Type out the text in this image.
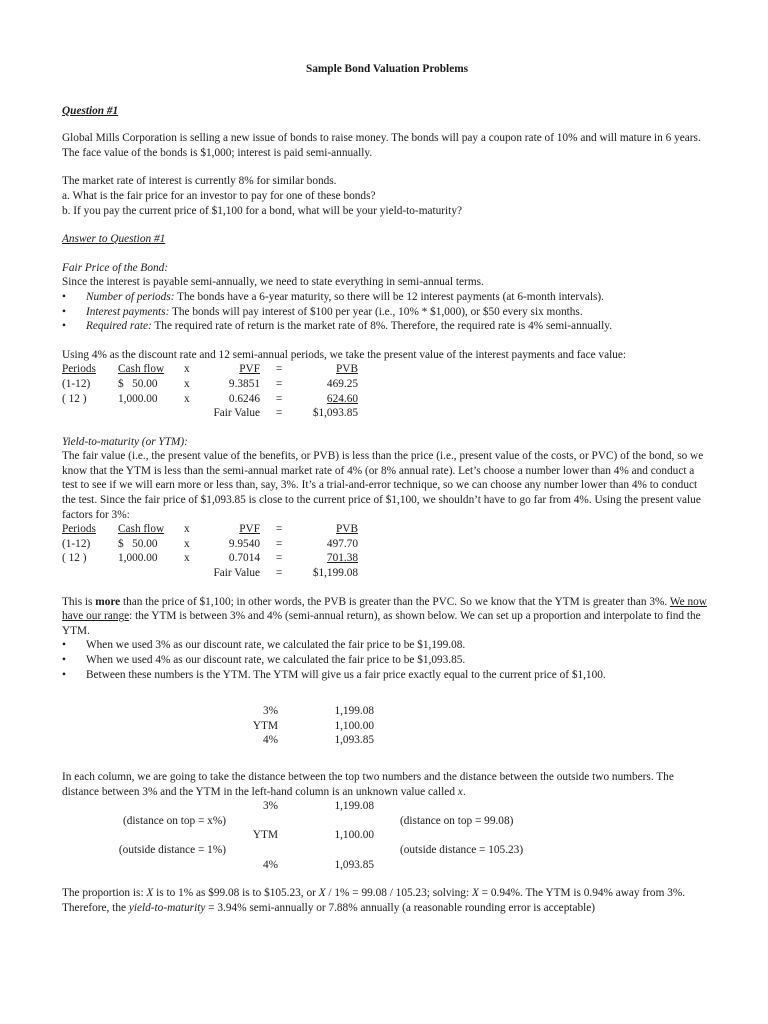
Sample Bond Valuation Problems

Question #1

Global Mills Corporation is selling a new issue of bonds to raise money. The bonds will pay a coupon rate of 10% and will mature in 6 years. The face value of the bonds is $1,000; interest is paid semi-annually.

The market rate of interest is currently 8% for similar bonds.

a. What is the fair price for an investor to pay for one of these bonds?

b. If you pay the current price of $1,100 for a bond, what will be your yield-to-maturity?

Answer to Question #1

Fair Price of the Bond:

Since the interest is payable semi-annually, we need to state everything in semi-annual terms.

• Number of periods: The bonds have a 6-year maturity, so there will be 12 interest payments (at 6-month intervals).
• Interest payments: The bonds will pay interest of $100 per year (i.e., 10% * $1,000), or $50 every six months.
• Required rate: The required rate of return is the market rate of 8%. Therefore, the required rate is 4% semi-annually.

Using 4% as the discount rate and 12 semi-annual periods, we take the present value of the interest payments and face value:

Periods	Cash flow	x	PVF	=	PVB
(1-12)	$   50.00	x	9.3851	=	469.25
( 12 )	1,000.00	x	0.6246	=	624.60
		Fair Value		=	$1,093.85

Yield-to-maturity (or YTM):

The fair value (i.e., the present value of the benefits, or PVB) is less than the price (i.e., present value of the costs, or PVC) of the bond, so we know that the YTM is less than the semi-annual market rate of 4% (or 8% annual rate). Let’s choose a number lower than 4% and conduct a test to see if we will earn more or less than, say, 3%. It’s a trial-and-error technique, so we can choose any number lower than 4% to conduct the test. Since the fair price of $1,093.85 is close to the current price of $1,100, we shouldn’t have to go far from 4%. Using the present value factors for 3%:

Periods	Cash flow	x	PVF	=	PVB
(1-12)	$   50.00	x	9.9540	=	497.70
( 12 )	1,000.00	x	0.7014	=	701.38
		Fair Value		=	$1,199.08

This is more than the price of $1,100; in other words, the PVB is greater than the PVC. So we know that the YTM is greater than 3%. We now have our range: the YTM is between 3% and 4% (semi-annual return), as shown below. We can set up a proportion and interpolate to find the YTM.

• When we used 3% as our discount rate, we calculated the fair price to be $1,199.08.
• When we used 4% as our discount rate, we calculated the fair price to be $1,093.85.
• Between these numbers is the YTM. The YTM will give us a fair price exactly equal to the current price of $1,100.
3%	1,199.08
YTM	1,100.00
4%	1,093.85

In each column, we are going to take the distance between the top two numbers and the distance between the outside two numbers. The distance between 3% and the YTM in the left-hand column is an unknown value called x.

	3%	1,199.08	
(distance on top = x%)			(distance on top = 99.08)
	YTM	1,100.00	
(outside distance = 1%)			(outside distance = 105.23)
	4%	1,093.85	

The proportion is: X is to 1% as $99.08 is to $105.23, or X / 1% = 99.08 / 105.23; solving: X = 0.94%. The YTM is 0.94% away from 3%. Therefore, the yield-to-maturity = 3.94% semi-annually or 7.88% annually (a reasonable rounding error is acceptable)
